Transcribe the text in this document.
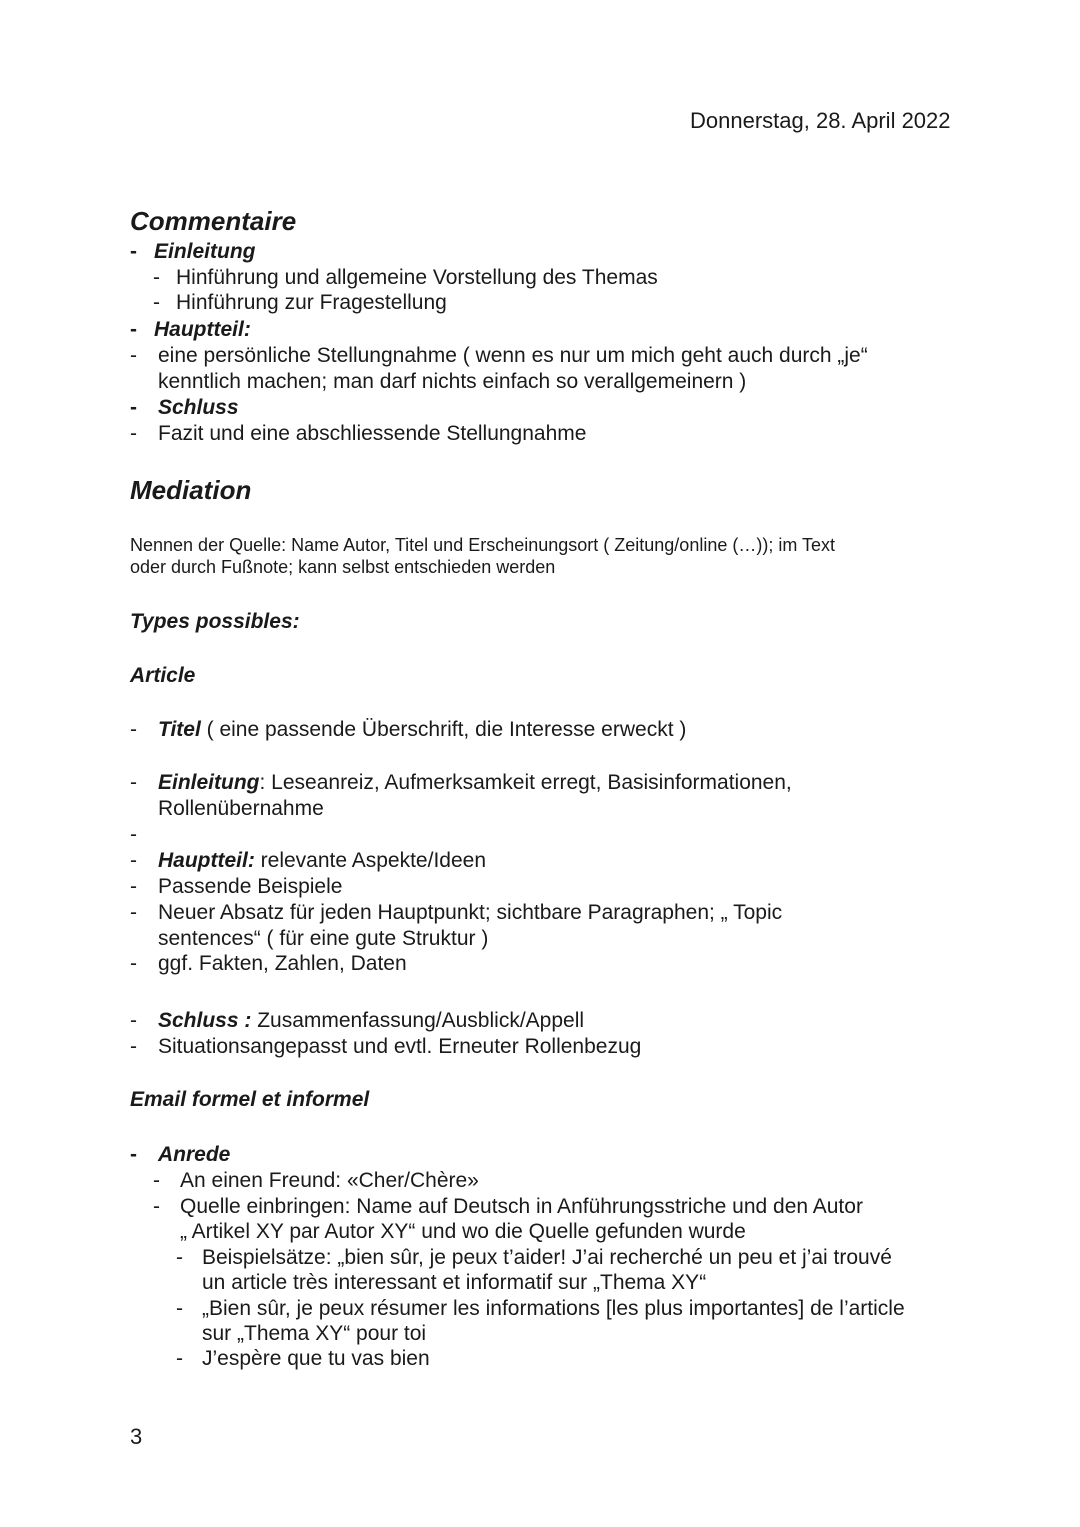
Donnerstag, 28. April 2022
Commentaire
- Einleitung
- Hinführung und allgemeine Vorstellung des Themas
- Hinführung zur Fragestellung
- Hauptteil:
- eine persönliche Stellungnahme ( wenn es nur um mich geht auch durch „je“
kenntlich machen; man darf nichts einfach so verallgemeinern )
- Schluss
- Fazit und eine abschliessende Stellungnahme
Mediation
Nennen der Quelle: Name Autor, Titel und Erscheinungsort ( Zeitung/online (…)); im Text
oder durch Fußnote; kann selbst entschieden werden
Types possibles:
Article
- Titel ( eine passende Überschrift, die Interesse erweckt )
- Einleitung: Leseanreiz, Aufmerksamkeit erregt, Basisinformationen,
Rollenübernahme
-
- Hauptteil: relevante Aspekte/Ideen
- Passende Beispiele
- Neuer Absatz für jeden Hauptpunkt; sichtbare Paragraphen; „ Topic
sentences“ ( für eine gute Struktur )
- ggf. Fakten, Zahlen, Daten
- Schluss : Zusammenfassung/Ausblick/Appell
- Situationsangepasst und evtl. Erneuter Rollenbezug
Email formel et informel
- Anrede
- An einen Freund: «Cher/Chère»
- Quelle einbringen: Name auf Deutsch in Anführungsstriche und den Autor
„ Artikel XY par Autor XY“ und wo die Quelle gefunden wurde
- Beispielsätze: „bien sûr, je peux t’aider! J’ai recherché un peu et j’ai trouvé
un article très interessant et informatif sur „Thema XY“
- „Bien sûr, je peux résumer les informations [les plus importantes] de l’article
sur „Thema XY“ pour toi
- J’espère que tu vas bien
3
